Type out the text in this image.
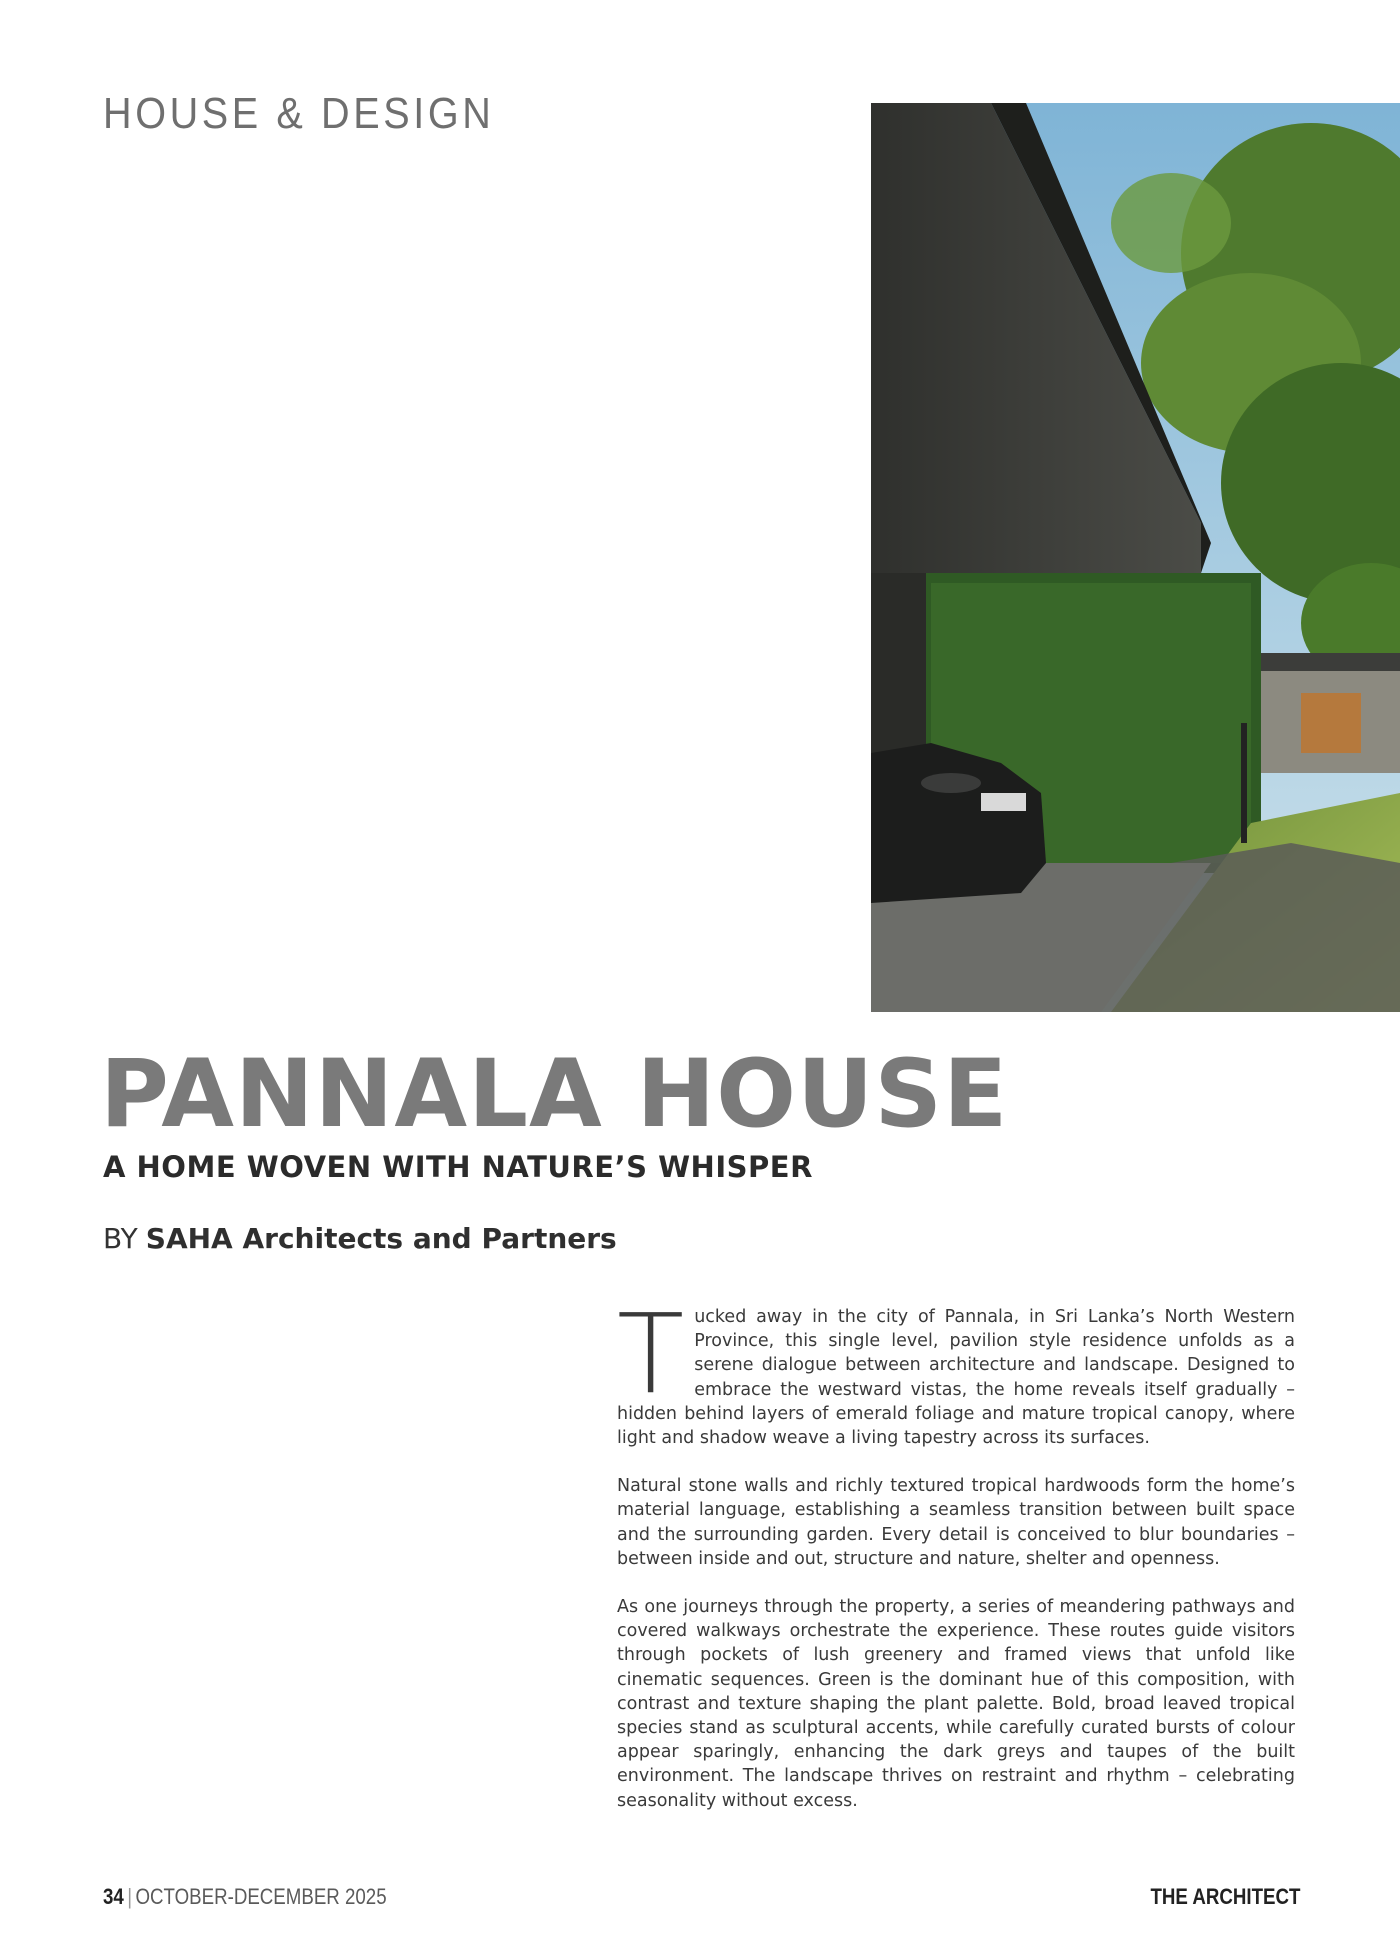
HOUSE & DESIGN
PANNALA HOUSE
A HOME WOVEN WITH NATURE’S WHISPER
BY SAHA Architects and Partners

Tucked away in the city of Pannala, in Sri Lanka’s North Western Province, this single level, pavilion style residence unfolds as a serene dialogue between architecture and landscape. Designed to embrace the westward vistas, the home reveals itself gradually – hidden behind layers of emerald foliage and mature tropical canopy, where light and shadow weave a living tapestry across its surfaces.

Natural stone walls and richly textured tropical hardwoods form the home’s material language, establishing a seamless transition between built space and the surrounding garden. Every detail is conceived to blur boundaries – between inside and out, structure and nature, shelter and openness.

As one journeys through the property, a series of meandering pathways and covered walkways orchestrate the experience. These routes guide visitors through pockets of lush greenery and framed views that unfold like cinematic sequences. Green is the dominant hue of this composition, with contrast and texture shaping the plant palette. Bold, broad leaved tropical species stand as sculptural accents, while carefully curated bursts of colour appear sparingly, enhancing the dark greys and taupes of the built environment. The landscape thrives on restraint and rhythm – celebrating seasonality without excess.

34 | OCTOBER-DECEMBER 2025	THE ARCHITECT
